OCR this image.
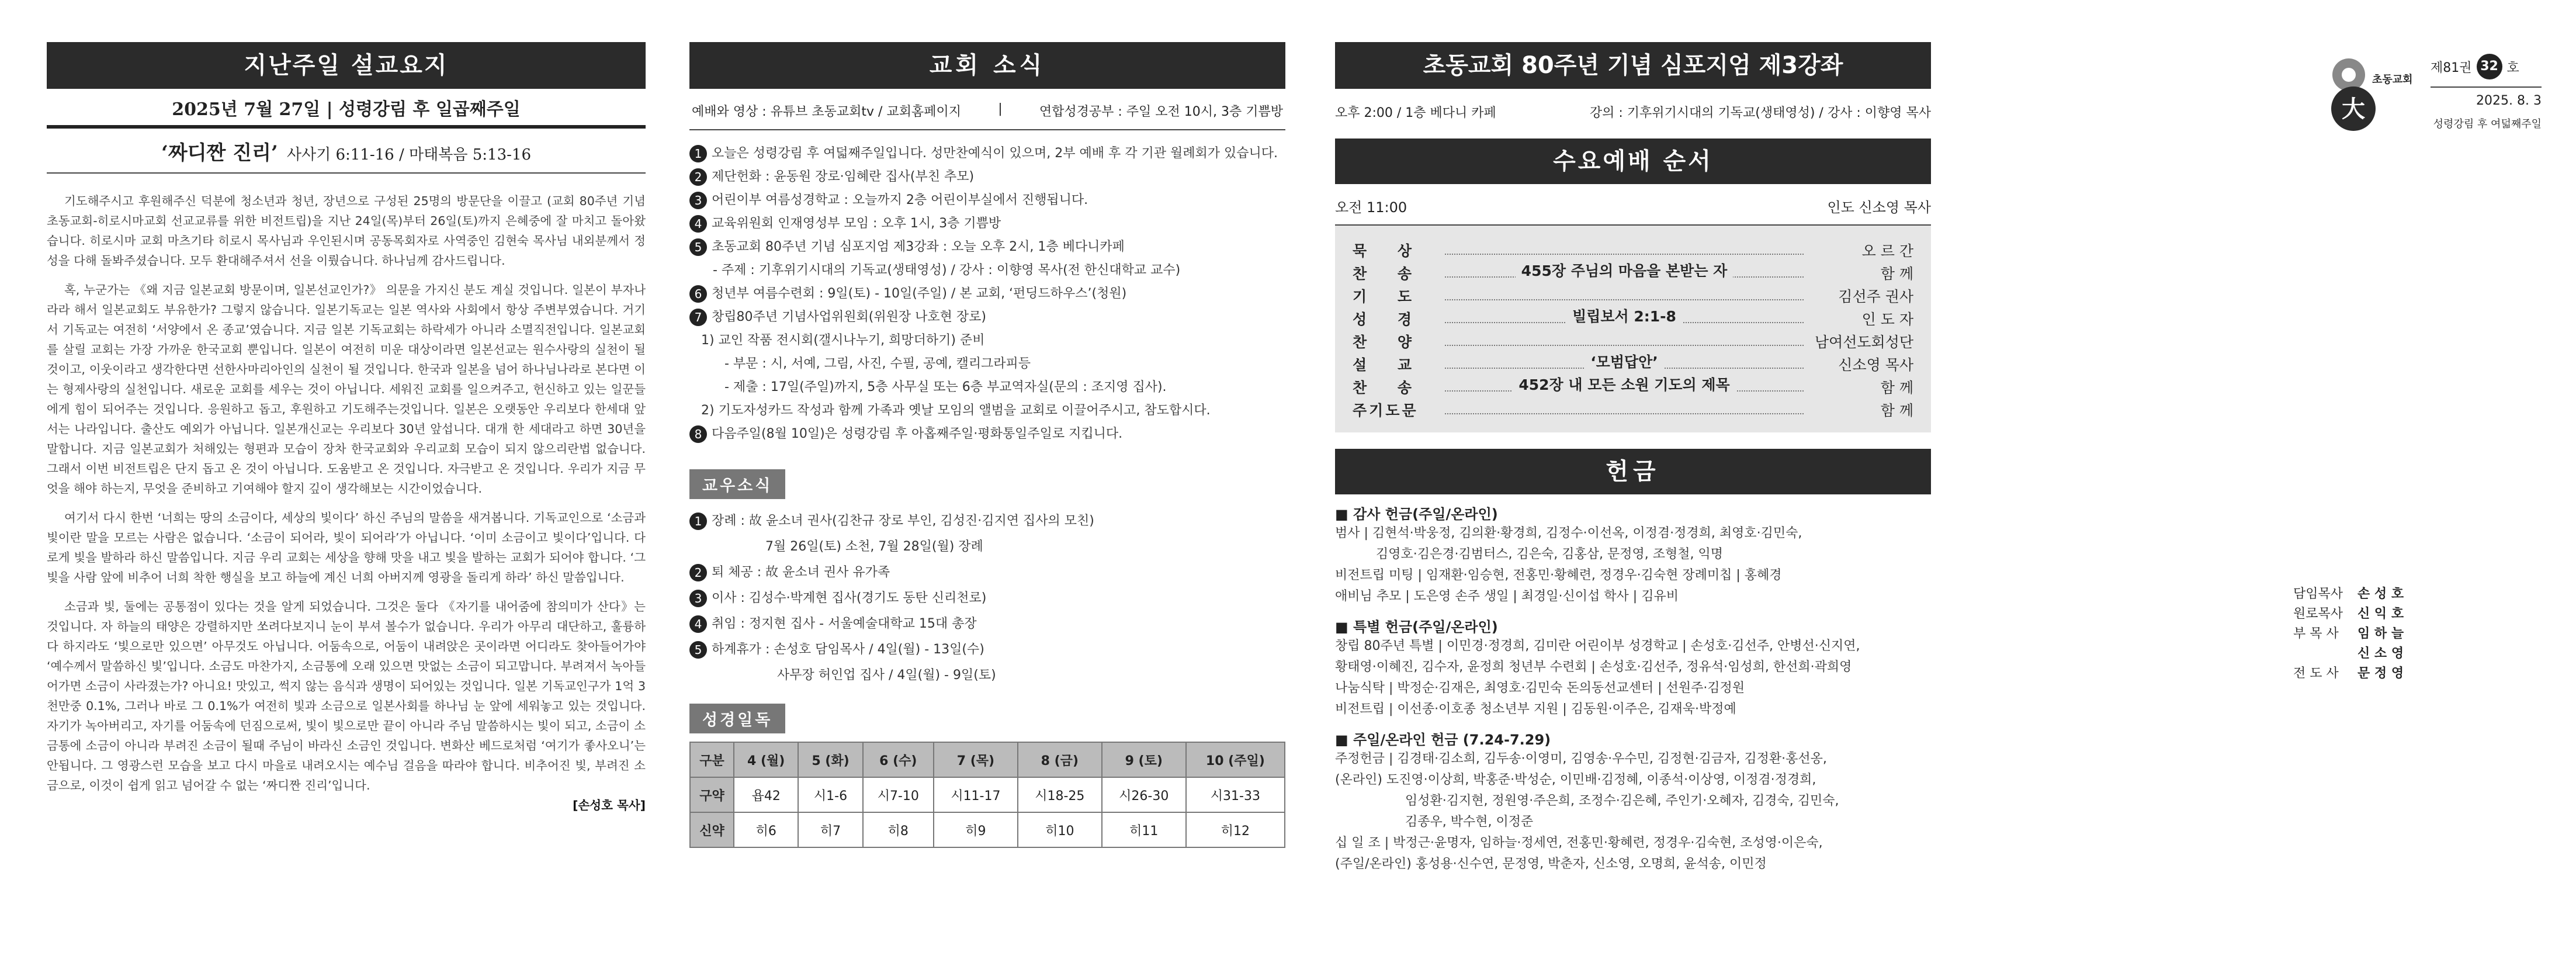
지난주일 설교요지
2025년 7월 27일 | 성령강림 후 일곱째주일
‘짜디짠 진리’ 사사기 6:11-16 / 마태복음 5:13-16

기도해주시고 후원해주신 덕분에 청소년과 청년, 장년으로 구성된 25명의 방문단을 이끌고 (교회 80주년 기념 초동교회-히로시마교회 선교교류를 위한 비전트립)을 지난 24일(목)부터 26일(토)까지 은혜중에 잘 마치고 돌아왔습니다. 히로시마 교회 마츠기타 히로시 목사님과 우인된시며 공동목회자로 사역중인 김현숙 목사님 내외분께서 정성을 다해 돌봐주셨습니다. 모두 환대해주셔서 선을 이뤘습니다. 하나님께 감사드립니다.

혹, 누군가는 《왜 지금 일본교회 방문이며, 일본선교인가?》 의문을 가지신 분도 계실 것입니다. 일본이 부자나라라 해서 일본교회도 부유한가? 그렇지 않습니다. 일본기독교는 일본 역사와 사회에서 항상 주변부였습니다. 거기서 기독교는 여전히 ‘서양에서 온 종교’였습니다. 지금 일본 기독교회는 하락세가 아니라 소멸직전입니다. 일본교회를 살릴 교회는 가장 가까운 한국교회 뿐입니다. 일본이 여전히 미운 대상이라면 일본선교는 원수사랑의 실천이 될 것이고, 이웃이라고 생각한다면 선한사마리아인의 실천이 될 것입니다. 한국과 일본을 넘어 하나님나라로 본다면 이는 형제사랑의 실천입니다. 새로운 교회를 세우는 것이 아닙니다. 세워진 교회를 일으켜주고, 헌신하고 있는 일꾼들에게 힘이 되어주는 것입니다. 응원하고 돕고, 후원하고 기도해주는것입니다. 일본은 오랫동안 우리보다 한세대 앞서는 나라입니다. 출산도 예외가 아닙니다. 일본개신교는 우리보다 30년 앞섭니다. 대개 한 세대라고 하면 30년을 말합니다. 지금 일본교회가 처해있는 형편과 모습이 장차 한국교회와 우리교회 모습이 되지 않으리란법 없습니다. 그래서 이번 비전트립은 단지 돕고 온 것이 아닙니다. 도움받고 온 것입니다. 자극받고 온 것입니다. 우리가 지금 무엇을 해야 하는지, 무엇을 준비하고 기여해야 할지 깊이 생각해보는 시간이었습니다.

여기서 다시 한번 ‘너희는 땅의 소금이다, 세상의 빛이다’ 하신 주님의 말씀을 새겨봅니다. 기독교인으로 ‘소금과 빛이란 말을 모르는 사람은 없습니다. ‘소금이 되어라, 빛이 되어라’가 아닙니다. ‘이미 소금이고 빛이다’입니다. 다로게 빛을 발하라 하신 말씀입니다. 지금 우리 교회는 세상을 향해 맛을 내고 빛을 발하는 교회가 되어야 합니다. ‘그 빛을 사람 앞에 비추어 너희 착한 행실을 보고 하늘에 계신 너희 아버지께 영광을 돌리게 하라’ 하신 말씀입니다.

소금과 빛, 둘에는 공통점이 있다는 것을 알게 되었습니다. 그것은 둘다 《자기를 내어줌에 참의미가 산다》는 것입니다. 자 하늘의 태양은 강렬하지만 쏘려다보지니 눈이 부셔 볼수가 없습니다. 우리가 아무리 대단하고, 훌륭하다 하지라도 ‘빛으로만 있으면’ 아무것도 아닙니다. 어둠속으로, 어둠이 내려앉은 곳이라면 어디라도 찾아들어가야 ‘예수께서 말씀하신 빛’입니다. 소금도 마찬가지, 소금통에 오래 있으면 맛없는 소금이 되고맙니다. 부려져서 녹아들어가면 소금이 사라졌는가? 아니요! 맛있고, 썩지 않는 음식과 생명이 되어있는 것입니다. 일본 기독교인구가 1억 3천만중 0.1%, 그러나 바로 그 0.1%가 여전히 빛과 소금으로 일본사회를 하나님 눈 앞에 세워놓고 있는 것입니다. 자기가 녹아버리고, 자기를 어둠속에 던짐으로써, 빛이 빛으로만 끝이 아니라 주님 말씀하시는 빛이 되고, 소금이 소금통에 소금이 아니라 부려진 소금이 될때 주님이 바라신 소금인 것입니다. 변화산 베드로처럼 ‘여기가 좋사오니’는 안됩니다. 그 영광스런 모습을 보고 다시 마을로 내려오시는 예수님 걸음을 따라야 합니다. 비추어진 빛, 부려진 소금으로, 이것이 쉽게 읽고 넘어갈 수 없는 ‘짜디짠 진리’입니다.

[손성호 목사]

교회 소식
예배와 영상 : 유튜브 초동교회tv / 교회홈페이지	|	연합성경공부 : 주일 오전 10시, 3층 기쁨방
1 오늘은 성령강림 후 여덟째주일입니다. 성만찬예식이 있으며, 2부 예배 후 각 기관 월례회가 있습니다.
2 제단헌화 : 윤동원 장로·임혜란 집사(부친 추모)
3 어린이부 여름성경학교 : 오늘까지 2층 어린이부실에서 진행됩니다.
4 교육위원회 인재영성부 모임 : 오후 1시, 3층 기쁨방
5 초동교회 80주년 기념 심포지엄 제3강좌 : 오늘 오후 2시, 1층 베다니카페
- 주제 : 기후위기시대의 기독교(생태영성) / 강사 : 이향영 목사(전 한신대학교 교수)
6 청년부 여름수련회 : 9일(토) - 10일(주일) / 본 교회, ‘펀딩드하우스’(청원)
7 창립80주년 기념사업위원회(위원장 나호현 장로)
1) 교인 작품 전시회(갤시나누기, 희망더하기) 준비
- 부문 : 시, 서예, 그림, 사진, 수필, 공예, 캘리그라피등
- 제출 : 17일(주일)까지, 5층 사무실 또는 6층 부교역자실(문의 : 조지영 집사).
2) 기도자성카드 작성과 함께 가족과 옛날 모임의 앨범을 교회로 이끌어주시고, 참도합시다.
8 다음주일(8월 10일)은 성령강림 후 아홉째주일·평화통일주일로 지킵니다.
교우소식
1 장례 : 故 윤소녀 권사(김찬규 장로 부인, 김성진·김지연 집사의 모친)
7월 26일(토) 소천, 7월 28일(월) 장례
2 퇴 체공 : 故 윤소녀 권사 유가족
3 이사 : 김성수·박계현 집사(경기도 동탄 신리천로)
4 취임 : 정지현 집사 - 서울예술대학교 15대 총장
5 하계휴가 : 손성호 담임목사 / 4일(월) - 13일(수)
사무장 허인업 집사 / 4일(월) - 9일(토)
성경일독
구분	4 (월)	5 (화)	6 (수)	7 (목)	8 (금)	9 (토)	10 (주일)
구약	욥42	시1-6	시7-10	시11-17	시18-25	시26-30	시31-33
신약	히6	히7	히8	히9	히10	히11	히12
초동교회 80주년 기념 심포지엄 제3강좌
오후 2:00 / 1층 베다니 카페	강의 : 기후위기시대의 기독교(생태영성) / 강사 : 이향영 목사
수요예배 순서
오전 11:00	인도 신소영 목사
묵 상	오 르 간
찬 송	455장 주님의 마음을 본받는 자	함 께
기 도	김선주 권사
성 경	빌립보서 2:1-8	인 도 자
찬 양	남여선도회성단
설 교	‘모범답안’	신소영 목사
찬 송	452장 내 모든 소원 기도의 제목	함 께
주기도문	함 께
헌금
■ 감사 헌금(주일/온라인)
범사 | 김현석·박웅정, 김의환·황경희, 김정수·이선옥, 이정겸·정경희, 최영호·김민숙,
김영호·김은경·김범터스, 김은숙, 김홍삼, 문정영, 조형철, 익명
비전트립 미팅 | 임재환·임승현, 전홍민·황혜련, 정경우·김숙현 장례미칩 | 홍혜경
애비님 추모 | 도은영 손주 생일 | 최경일·신이섭 학사 | 김유비
■ 특별 헌금(주일/온라인)
창립 80주년 특별 | 이민경·정경희, 김미란 어린이부 성경학교 | 손성호·김선주, 안병선·신지연,
황태영·이혜진, 김수자, 윤정희 청년부 수련회 | 손성호·김선주, 정유석·임성희, 한선희·곽희영
나눔식탁 | 박정순·김재은, 최영호·김민숙 돈의동선교센터 | 선원주·김정원
비전트립 | 이선종·이호종 청소년부 지원 | 김동원·이주은, 김재욱·박정예
■ 주일/온라인 헌금 (7.24-7.29)
주정헌금 | 김경태·김소희, 김두송·이영미, 김영송·우수민, 김정현·김금자, 김정환·홍선옹,
(온라인) 도진영·이상희, 박홍준·박성순, 이민배·김정혜, 이종석·이상영, 이정겸·정경희,
임성환·김지현, 정원영·주은희, 조정수·김은혜, 주인기·오혜자, 김경숙, 김민숙,
김종우, 박수현, 이정준
십 일 조 | 박정근·윤명자, 임하늘·정세연, 전홍민·황혜련, 정경우·김숙현, 조성영·이은숙,
(주일/온라인) 홍성용·신수연, 문정영, 박춘자, 신소영, 오명희, 윤석송, 이민정
大
초동교회
제81권 32 호
2025. 8. 3
성령강림 후 여덟째주일
담임목사	손 성 호
원로목사	신 익 호
부 목 사	임 하 늘
신 소 영
전 도 사	문 정 영
